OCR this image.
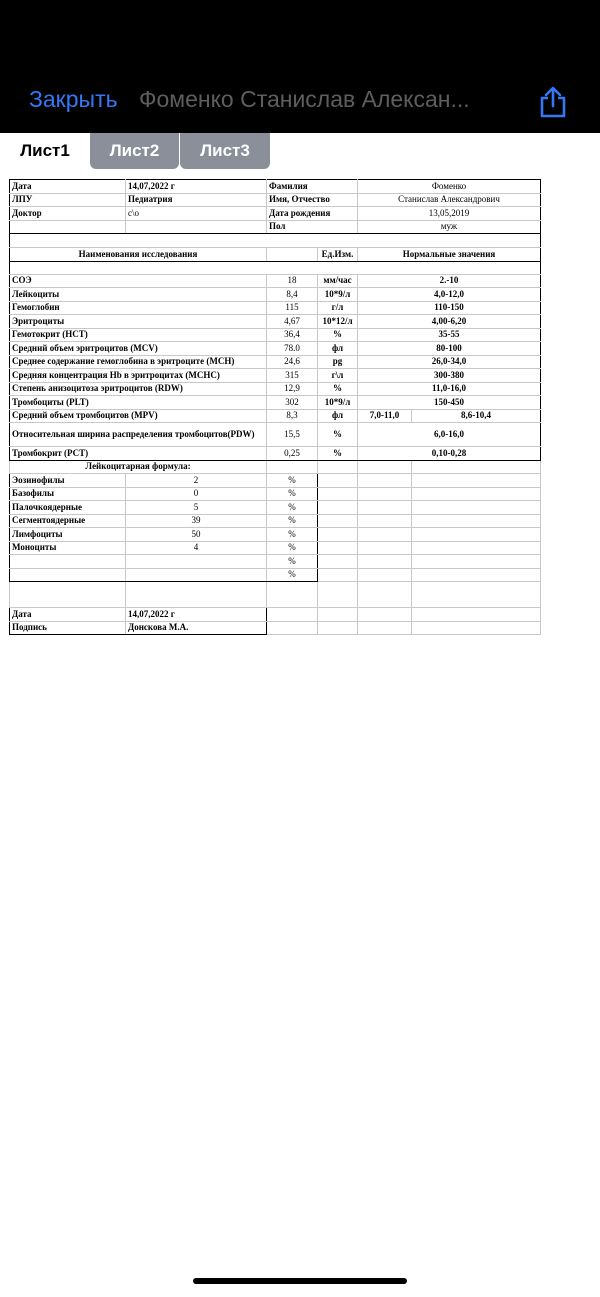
Закрыть Фоменко Станислав Алексан...
Лист1	Лист2	Лист3
Дата	14,07,2022 г	Фамилия		Фоменко	
ЛПУ	Педиатрия	Имя, Отчество		Станислав Александрович	
Доктор	с\о	Дата рождения		13,05,2019	
		Пол		муж	

Наименования исследования			Ед.Изм.	Нормальные значения	

СОЭ		18	мм/час	2.-10	
Лейкоциты		8,4	10*9/л	4,0-12,0	
Гемоглобин		115	г/л	110-150	
Эритроциты		4,67	10*12/л	4,00-6,20	
Гемотокрит (НСТ)		36,4	%	35-55	
Средний объем эритроцитов (MCV)		78.0	фл	80-100	
Среднее содержание гемоглобина в эритроците (МСН)		24,6	pg	26,0-34,0	
Средняя концентрация Hb в эритроцитах (МСНС)		315	г\л	300-380	
Степень анизоцитоза эритроцитов (RDW)		12,9	%	11,0-16,0	
Тромбоциты (PLT)		302	10*9/л	150-450	
Средний объем тромбоцитов (MPV)		8,3	фл	7,0-11,0	8,6-10,4
Относительная ширина распределения тромбоцитов(PDW)		15,5	%	6,0-16,0	
Тромбокрит (РСТ)		0,25	%	0,10-0,28	
Лейкоцитарная формула:					
Эозинофилы	2	%			
Базофилы	0	%			
Палочкоядерные	5	%			
Сегментоядерные	39	%			
Лимфоциты	50	%			
Моноциты	4	%			
		%			
		%			

Дата	14,07,2022 г				
Подпись	Донскова М.А.				
